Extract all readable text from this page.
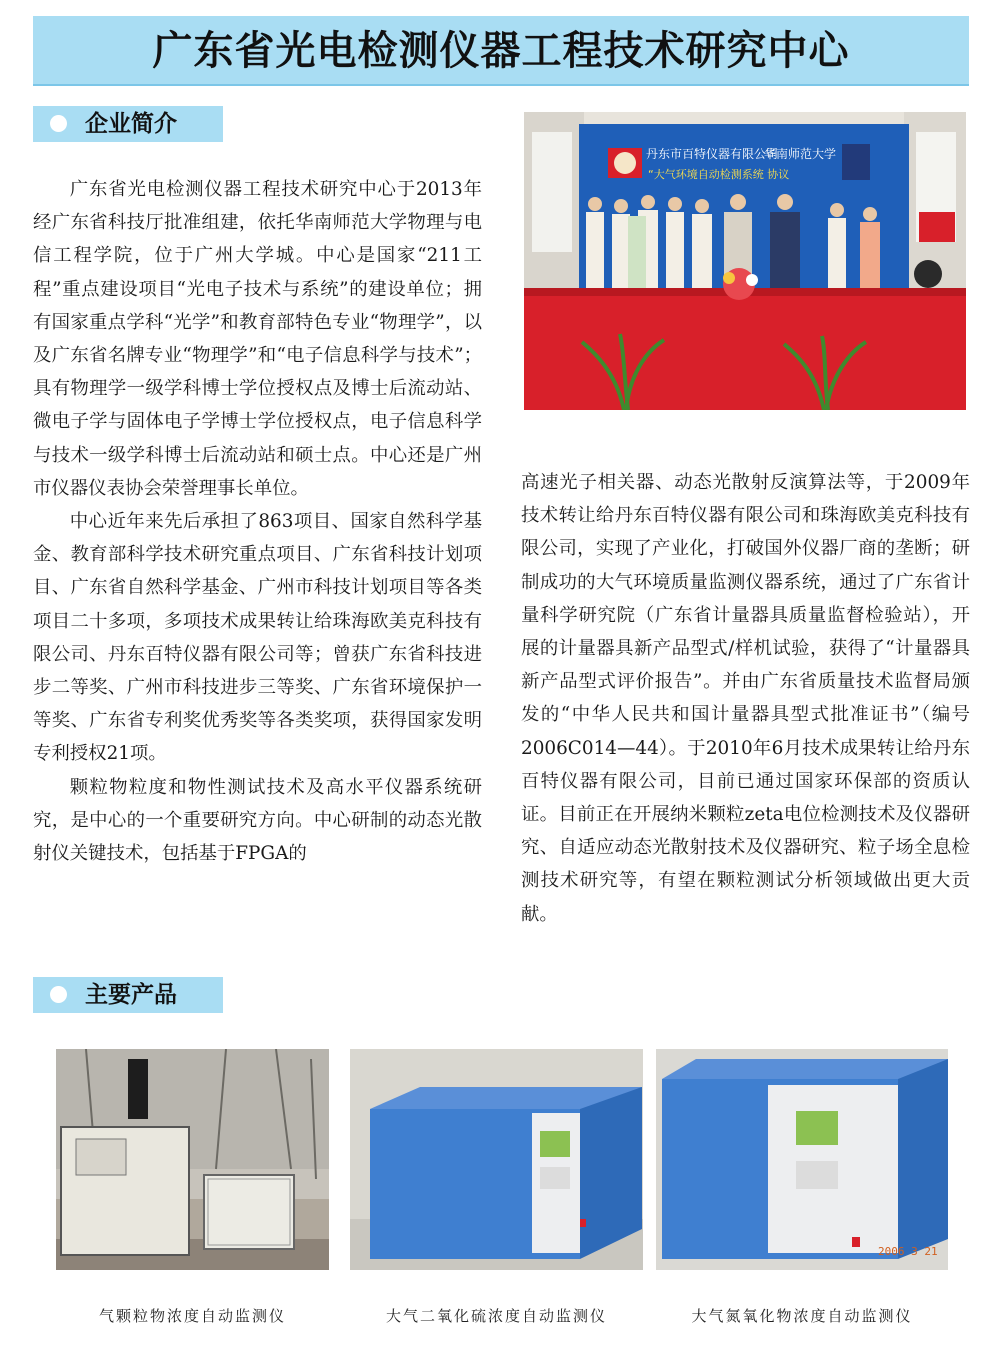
广东省光电检测仪器工程技术研究中心
企业简介

广东省光电检测仪器工程技术研究中心于2013年经广东省科技厅批准组建，依托华南师范大学物理与电信工程学院，位于广州大学城。中心是国家“211工程”重点建设项目“光电子技术与系统”的建设单位；拥有国家重点学科“光学”和教育部特色专业“物理学”，以及广东省名牌专业“物理学”和“电子信息科学与技术”；具有物理学一级学科博士学位授权点及博士后流动站、微电子学与固体电子学博士学位授权点，电子信息科学与技术一级学科博士后流动站和硕士点。中心还是广州市仪器仪表协会荣誉理事长单位。

中心近年来先后承担了863项目、国家自然科学基金、教育部科学技术研究重点项目、广东省科技计划项目、广东省自然科学基金、广州市科技计划项目等各类项目二十多项，多项技术成果转让给珠海欧美克科技有限公司、丹东百特仪器有限公司等；曾获广东省科技进步二等奖、广州市科技进步三等奖、广东省环境保护一等奖、广东省专利奖优秀奖等各类奖项，获得国家发明专利授权21项。

颗粒物粒度和物性测试技术及高水平仪器系统研究，是中心的一个重要研究方向。中心研制的动态光散射仪关键技术，包括基于FPGA的

丹东市百特仪器有限公司
华南师范大学
“大气环境自动检测系统 协议

高速光子相关器、动态光散射反演算法等，于2009年技术转让给丹东百特仪器有限公司和珠海欧美克科技有限公司，实现了产业化，打破国外仪器厂商的垄断；研制成功的大气环境质量监测仪器系统，通过了广东省计量科学研究院（广东省计量器具质量监督检验站），开展的计量器具新产品型式/样机试验，获得了“计量器具新产品型式评价报告”。并由广东省质量技术监督局颁发的“中华人民共和国计量器具型式批准证书”（编号2006C014—44）。于2010年6月技术成果转让给丹东百特仪器有限公司，目前已通过国家环保部的资质认证。目前正在开展纳米颗粒zeta电位检测技术及仪器研究、自适应动态光散射技术及仪器研究、粒子场全息检测技术研究等，有望在颗粒测试分析领域做出更大贡献。

主要产品
2006 3 21
气颗粒物浓度自动监测仪	大气二氧化硫浓度自动监测仪	大气氮氧化物浓度自动监测仪
